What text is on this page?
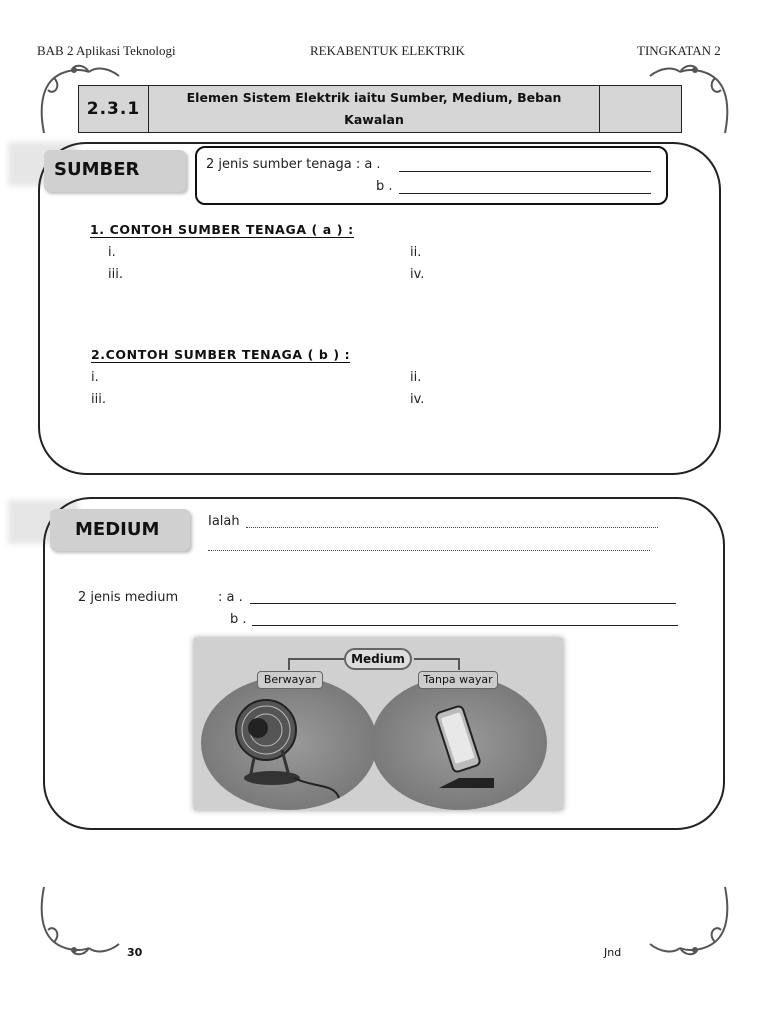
BAB 2 Aplikasi Teknologi	REKABENTUK ELEKTRIK	TINGKATAN 2
2.3.1	
Elemen Sistem Elektrik iaitu Sumber, Medium, Beban
Kawalan

SUMBER	2 jenis sumber tenaga : a .
b .
1. CONTOH SUMBER TENAGA ( a ) :
i.	ii.
iii.	iv.
2.CONTOH SUMBER TENAGA ( b ) :
i.	ii.
iii.	iv.
MEDIUM	Ialah
2 jenis medium	: a .
b .
Medium
Berwayar	Tanpa wayar
30	Jnd
